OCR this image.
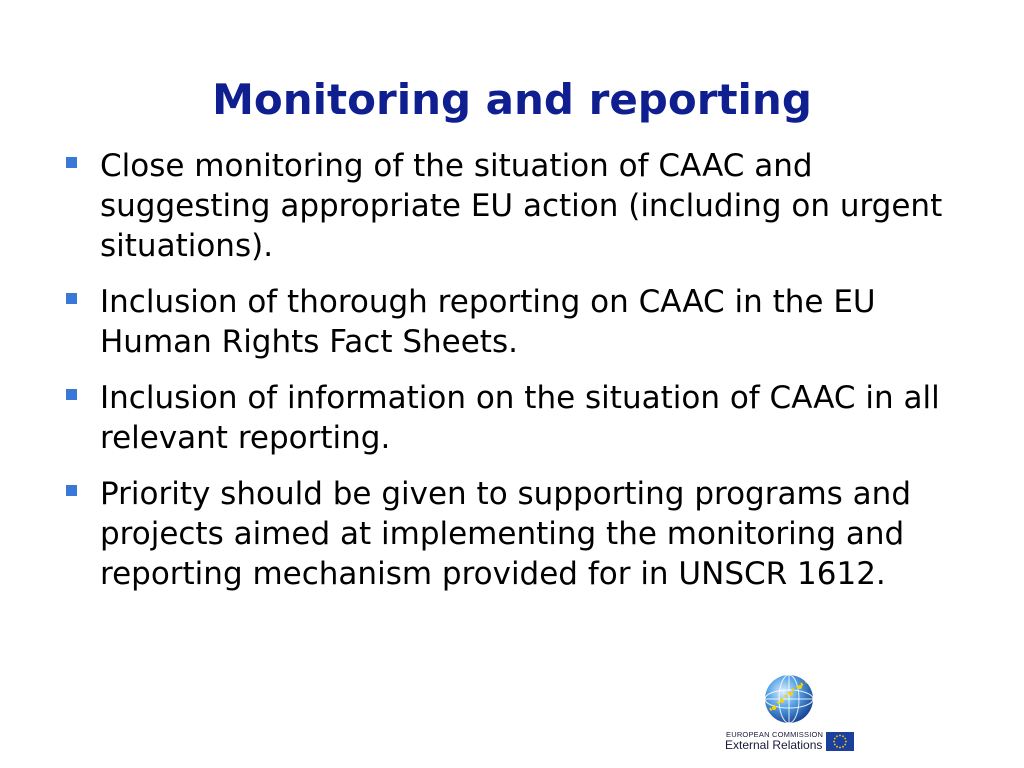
Monitoring and reporting
Close monitoring of the situation of CAAC and suggesting appropriate EU action (including on urgent situations).
Inclusion of thorough reporting on CAAC in the EU Human Rights Fact Sheets.
Inclusion of information on the situation of CAAC in all relevant reporting.
Priority should be given to supporting programs and projects aimed at implementing the monitoring and reporting mechanism provided for in UNSCR 1612.
EUROPEAN COMMISSION
External Relations
